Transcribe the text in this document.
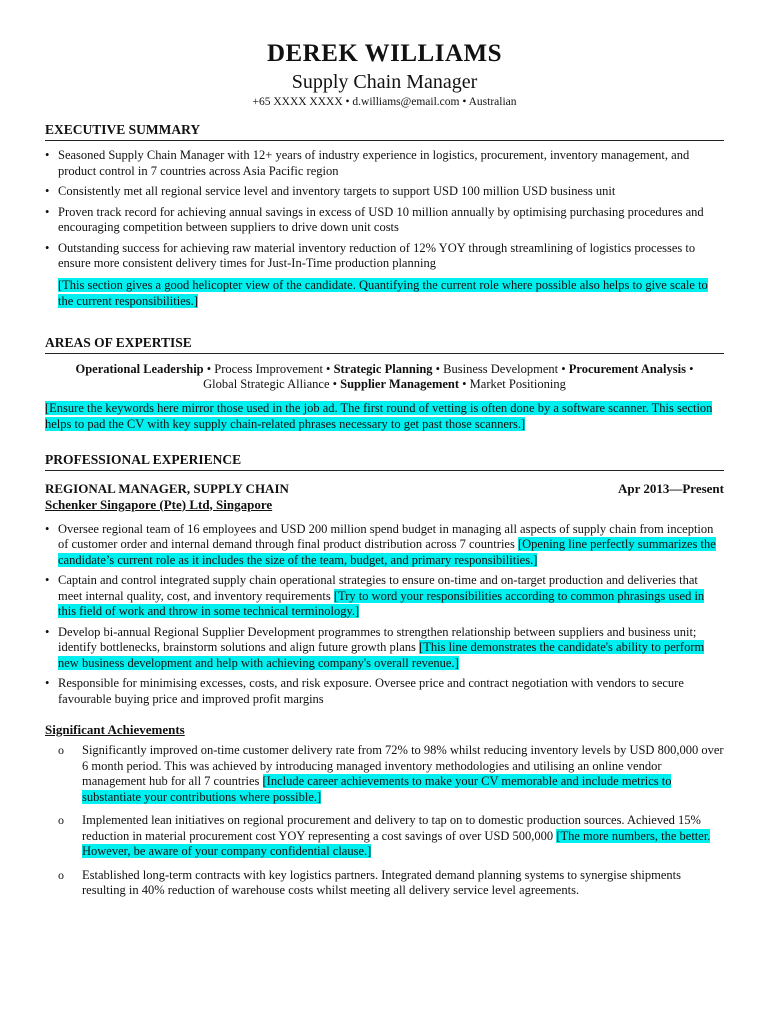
DEREK WILLIAMS
Supply Chain Manager
+65 XXXX XXXX • d.williams@email.com • Australian
EXECUTIVE SUMMARY
• Seasoned Supply Chain Manager with 12+ years of industry experience in logistics, procurement, inventory management, and product control in 7 countries across Asia Pacific region
• Consistently met all regional service level and inventory targets to support USD 100 million USD business unit
• Proven track record for achieving annual savings in excess of USD 10 million annually by optimising purchasing procedures and encouraging competition between suppliers to drive down unit costs
• Outstanding success for achieving raw material inventory reduction of 12% YOY through streamlining of logistics processes to ensure more consistent delivery times for Just-In-Time production planning
[This section gives a good helicopter view of the candidate. Quantifying the current role where possible also helps to give scale to the current responsibilities.]
AREAS OF EXPERTISE
Operational Leadership • Process Improvement • Strategic Planning • Business Development • Procurement Analysis •
Global Strategic Alliance • Supplier Management • Market Positioning
[Ensure the keywords here mirror those used in the job ad. The first round of vetting is often done by a software scanner. This section helps to pad the CV with key supply chain-related phrases necessary to get past those scanners.]
PROFESSIONAL EXPERIENCE
REGIONAL MANAGER, SUPPLY CHAIN	Apr 2013—Present
Schenker Singapore (Pte) Ltd, Singapore
• Oversee regional team of 16 employees and USD 200 million spend budget in managing all aspects of supply chain from inception of customer order and internal demand through final product distribution across 7 countries [Opening line perfectly summarizes the candidate’s current role as it includes the size of the team, budget, and primary responsibilities.]
• Captain and control integrated supply chain operational strategies to ensure on-time and on-target production and deliveries that meet internal quality, cost, and inventory requirements [Try to word your responsibilities according to common phrasings used in this field of work and throw in some technical terminology.]
• Develop bi-annual Regional Supplier Development programmes to strengthen relationship between suppliers and business unit; identify bottlenecks, brainstorm solutions and align future growth plans [This line demonstrates the candidate's ability to perform new business development and help with achieving company's overall revenue.]
• Responsible for minimising excesses, costs, and risk exposure. Oversee price and contract negotiation with vendors to secure favourable buying price and improved profit margins
Significant Achievements
o Significantly improved on-time customer delivery rate from 72% to 98% whilst reducing inventory levels by USD 800,000 over 6 month period. This was achieved by introducing managed inventory methodologies and utilising an online vendor management hub for all 7 countries [Include career achievements to make your CV memorable and include metrics to substantiate your contributions where possible.]
o Implemented lean initiatives on regional procurement and delivery to tap on to domestic production sources. Achieved 15% reduction in material procurement cost YOY representing a cost savings of over USD 500,000 [The more numbers, the better. However, be aware of your company confidential clause.]
o Established long-term contracts with key logistics partners. Integrated demand planning systems to synergise shipments resulting in 40% reduction of warehouse costs whilst meeting all delivery service level agreements.
